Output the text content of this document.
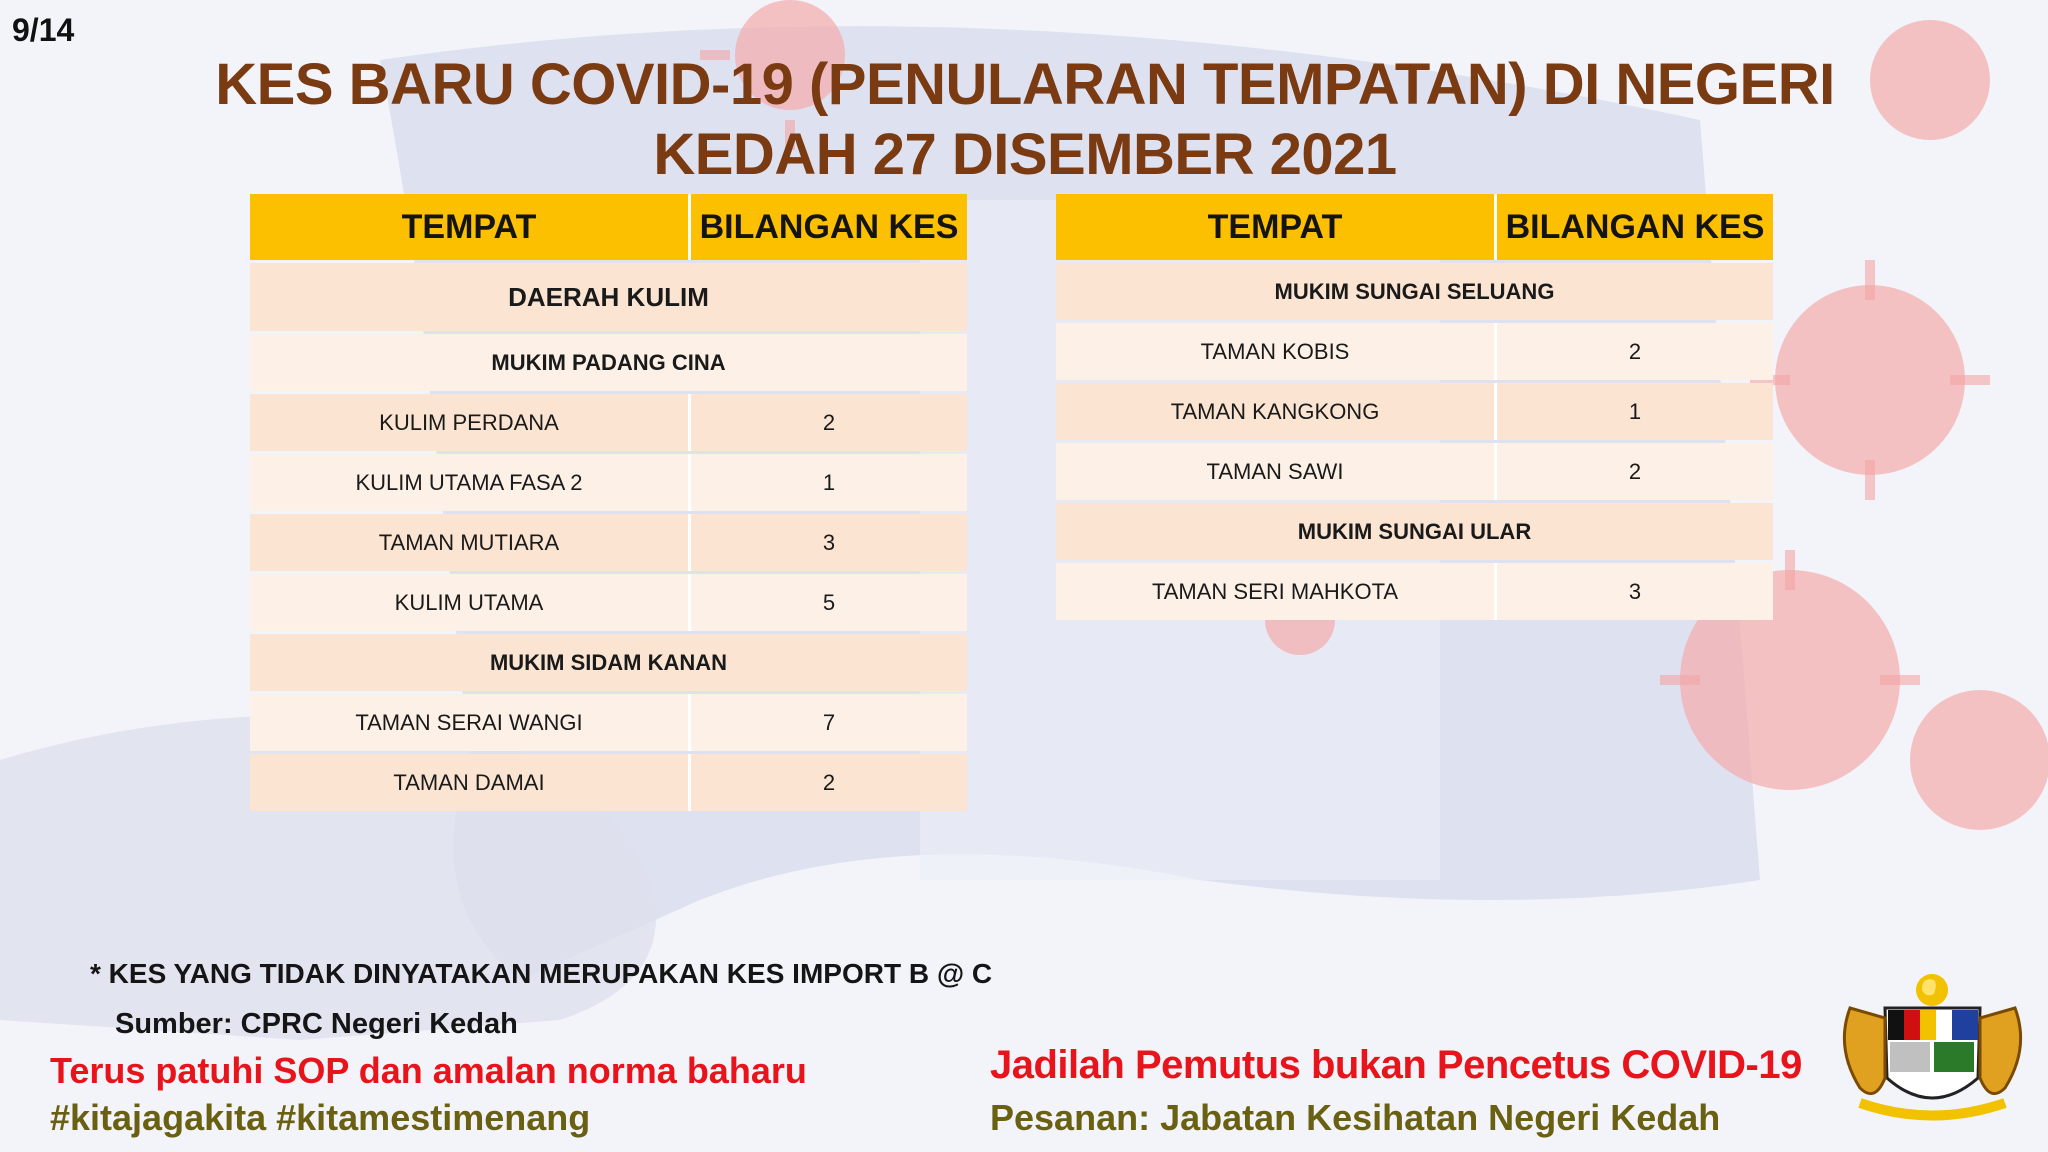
9/14
KES BARU COVID-19 (PENULARAN TEMPATAN) DI NEGERI
KEDAH 27 DISEMBER 2021
TEMPAT	BILANGAN KES
DAERAH KULIM	
MUKIM PADANG CINA	
KULIM PERDANA	2
KULIM UTAMA FASA 2	1
TAMAN MUTIARA	3
KULIM UTAMA	5
MUKIM SIDAM KANAN	
TAMAN SERAI WANGI	7
TAMAN DAMAI	2
TEMPAT	BILANGAN KES
MUKIM SUNGAI SELUANG	
TAMAN KOBIS	2
TAMAN KANGKONG	1
TAMAN SAWI	2
MUKIM SUNGAI ULAR	
TAMAN SERI MAHKOTA	3
* KES YANG TIDAK DINYATAKAN MERUPAKAN KES IMPORT B @ C
Sumber: CPRC Negeri Kedah
Terus patuhi SOP dan amalan norma baharu
#kitajagakita #kitamestimenang
Jadilah Pemutus bukan Pencetus COVID-19
Pesanan: Jabatan Kesihatan Negeri Kedah
